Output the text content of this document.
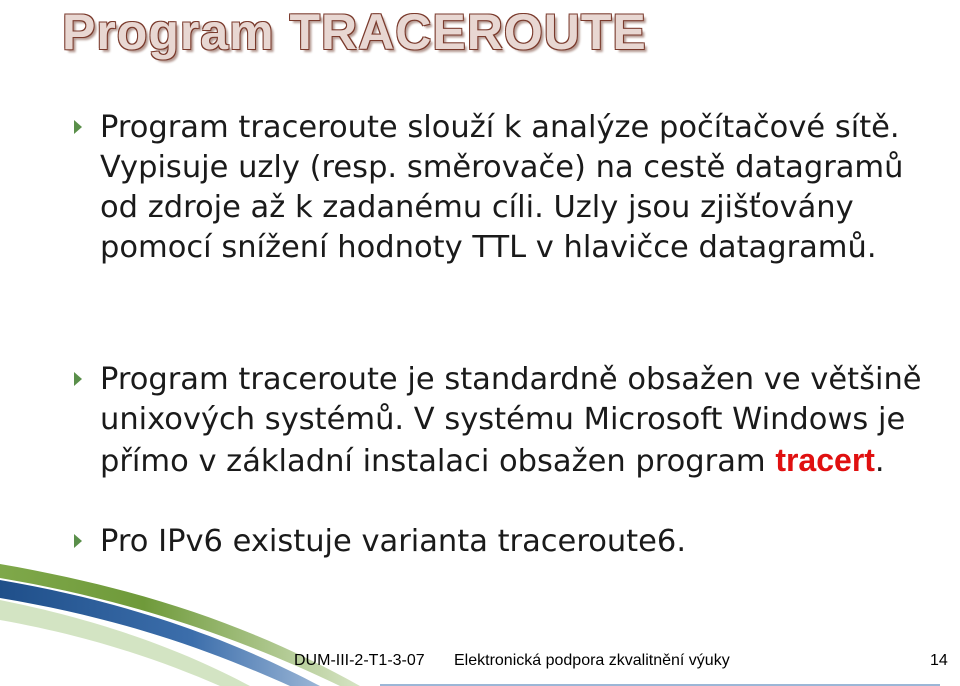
Program TRACEROUTE
Program traceroute slouží k analýze počítačové sítě. Vypisuje uzly (resp. směrovače) na cestě datagramů od zdroje až k zadanému cíli. Uzly jsou zjišťovány pomocí snížení hodnoty TTL v hlavičce datagramů.
Program traceroute je standardně obsažen ve většině unixových systémů. V systému Microsoft Windows je přímo v základní instalaci obsažen program tracert.
Pro IPv6 existuje varianta traceroute6.
DUM-III-2-T1-3-07 Elektronická podpora zkvalitnění výuky	14
